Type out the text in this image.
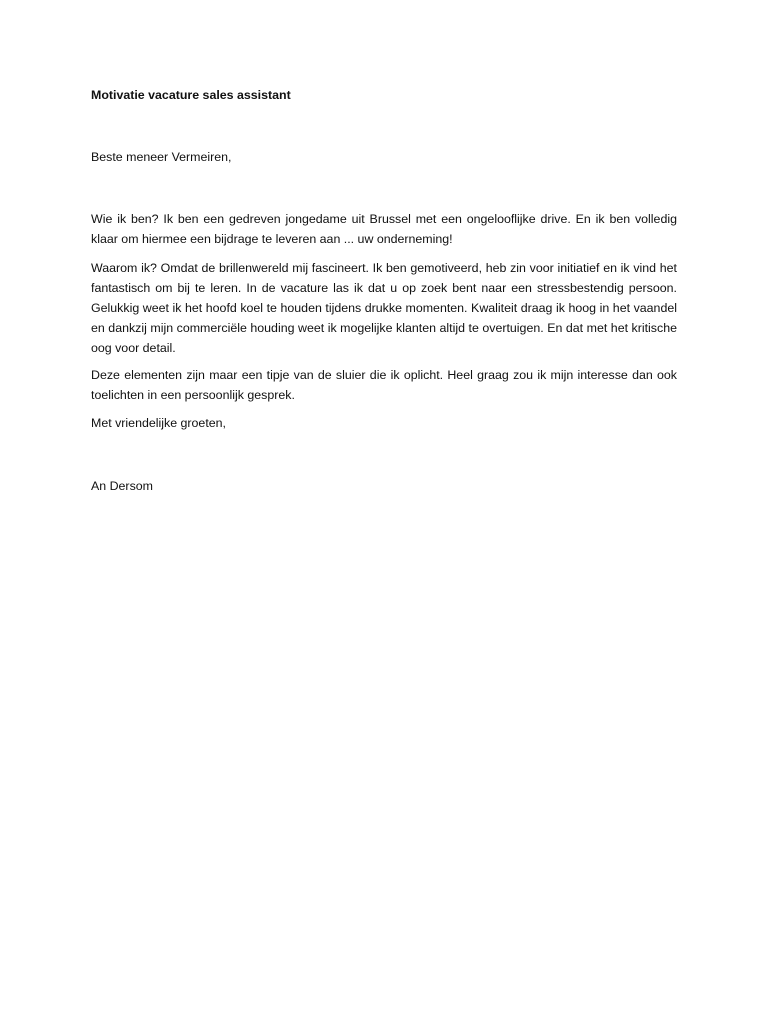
Motivatie vacature sales assistant

Beste meneer Vermeiren,

Wie ik ben? Ik ben een gedreven jongedame uit Brussel met een ongelooflijke drive. En ik ben volledig klaar om hiermee een bijdrage te leveren aan ... uw onderneming!

Waarom ik? Omdat de brillenwereld mij fascineert. Ik ben gemotiveerd, heb zin voor initiatief en ik vind het fantastisch om bij te leren. In de vacature las ik dat u op zoek bent naar een stressbestendig persoon. Gelukkig weet ik het hoofd koel te houden tijdens drukke momenten. Kwaliteit draag ik hoog in het vaandel en dankzij mijn commerciële houding weet ik mogelijke klanten altijd te overtuigen. En dat met het kritische oog voor detail.

Deze elementen zijn maar een tipje van de sluier die ik oplicht. Heel graag zou ik mijn interesse dan ook toelichten in een persoonlijk gesprek.

Met vriendelijke groeten,

An Dersom
